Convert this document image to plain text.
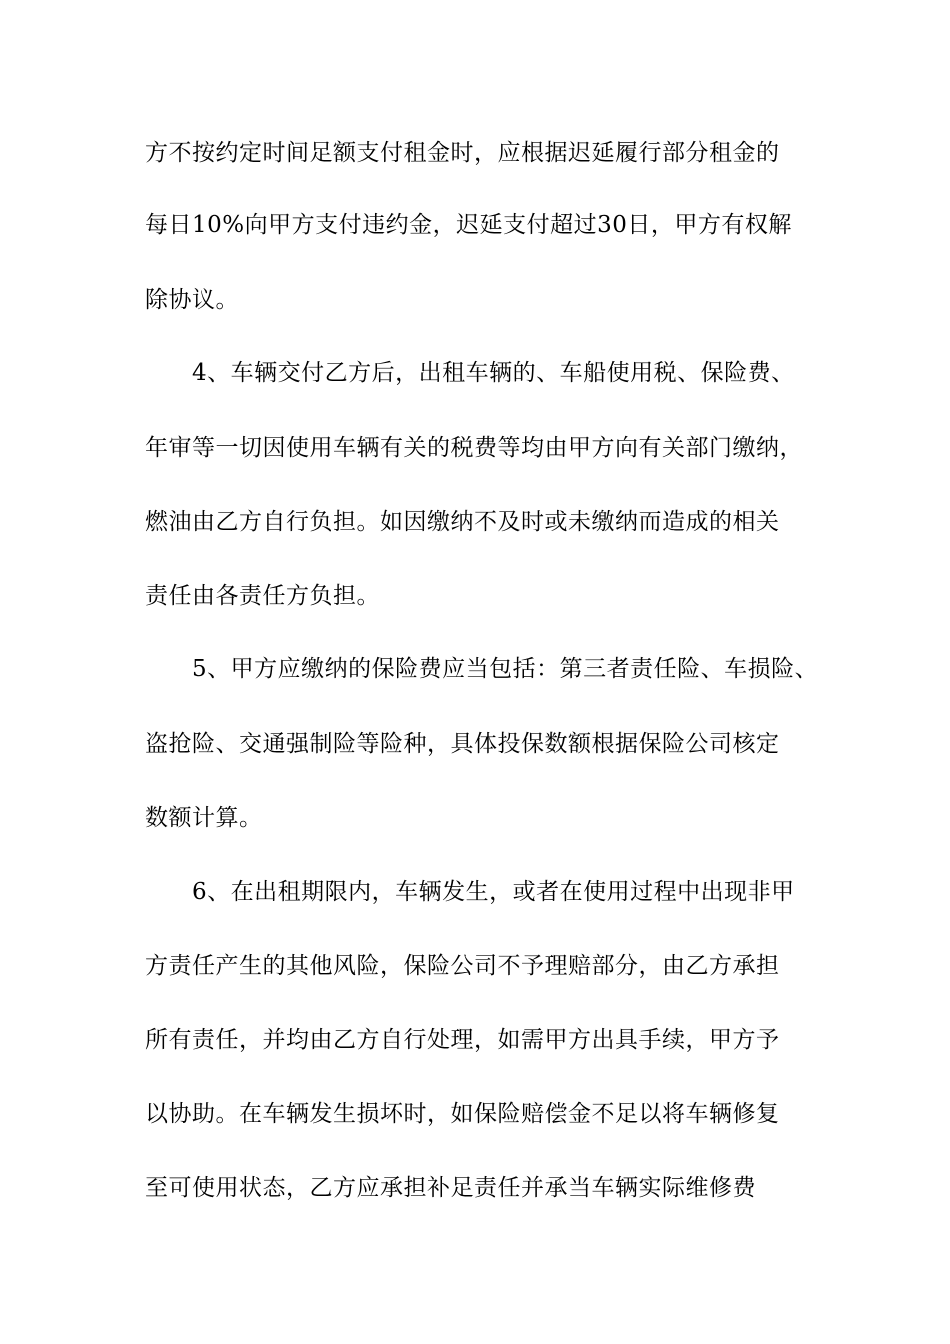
方不按约定时间足额支付租金时，应根据迟延履行部分租金的
每日10%向甲方支付违约金，迟延支付超过30日，甲方有权解
除协议。
4、车辆交付乙方后，出租车辆的、车船使用税、保险费、
年审等一切因使用车辆有关的税费等均由甲方向有关部门缴纳，
燃油由乙方自行负担。如因缴纳不及时或未缴纳而造成的相关
责任由各责任方负担。
5、甲方应缴纳的保险费应当包括：第三者责任险、车损险、
盗抢险、交通强制险等险种，具体投保数额根据保险公司核定
数额计算。
6、在出租期限内，车辆发生，或者在使用过程中出现非甲
方责任产生的其他风险，保险公司不予理赔部分，由乙方承担
所有责任，并均由乙方自行处理，如需甲方出具手续，甲方予
以协助。在车辆发生损坏时，如保险赔偿金不足以将车辆修复
至可使用状态，乙方应承担补足责任并承当车辆实际维修费
